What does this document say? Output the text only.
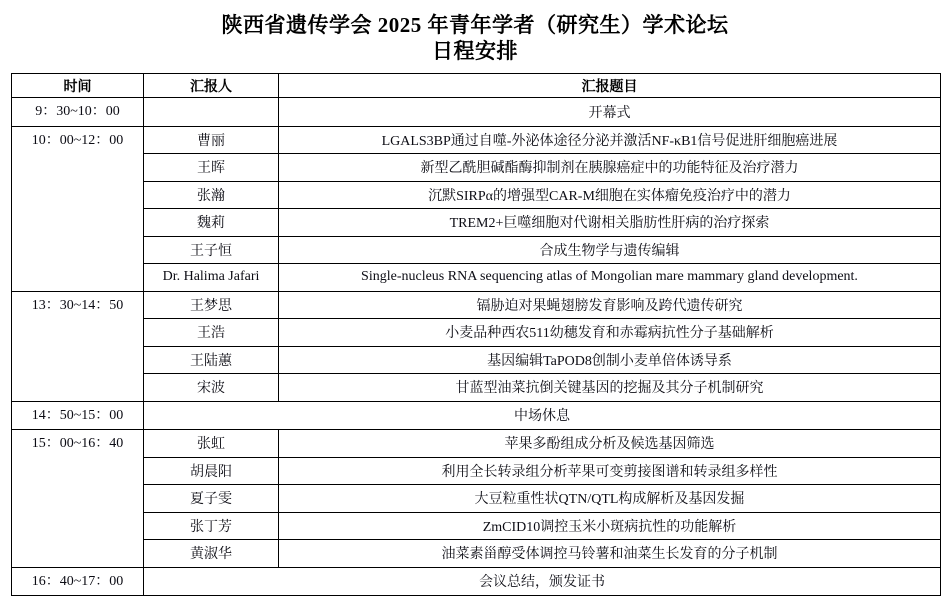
陕西省遗传学会 2025 年青年学者（研究生）学术论坛
日程安排
时间	汇报人	汇报题目

9：30~10：00		开幕式

10：00~12：00	曹丽	LGALS3BP通过自噬-外泌体途径分泌并激活NF-κB1信号促进肝细胞癌进展
	王晖	新型乙酰胆碱酯酶抑制剂在胰腺癌症中的功能特征及治疗潜力
	张瀚	沉默SIRPα的增强型CAR-M细胞在实体瘤免疫治疗中的潜力
	魏莉	TREM2+巨噬细胞对代谢相关脂肪性肝病的治疗探索
	王子恒	合成生物学与遗传编辑
	Dr. Halima Jafari	Single-nucleus RNA sequencing atlas of Mongolian mare mammary gland development.

13：30~14：50	王梦思	镉胁迫对果蝇翅膀发育影响及跨代遗传研究
	王浩	小麦品种西农511幼穗发育和赤霉病抗性分子基础解析
	王陆蕙	基因编辑TaPOD8创制小麦单倍体诱导系
	宋波	甘蓝型油菜抗倒关键基因的挖掘及其分子机制研究

14：50~15：00	中场休息	

15：00~16：40	张虹	苹果多酚组成分析及候选基因筛选
	胡晨阳	利用全长转录组分析苹果可变剪接图谱和转录组多样性
	夏子雯	大豆粒重性状QTN/QTL构成解析及基因发掘
	张丁芳	ZmCID10调控玉米小斑病抗性的功能解析
	黄淑华	油菜素甾醇受体调控马铃薯和油菜生长发育的分子机制

16：40~17：00	会议总结，颁发证书	
